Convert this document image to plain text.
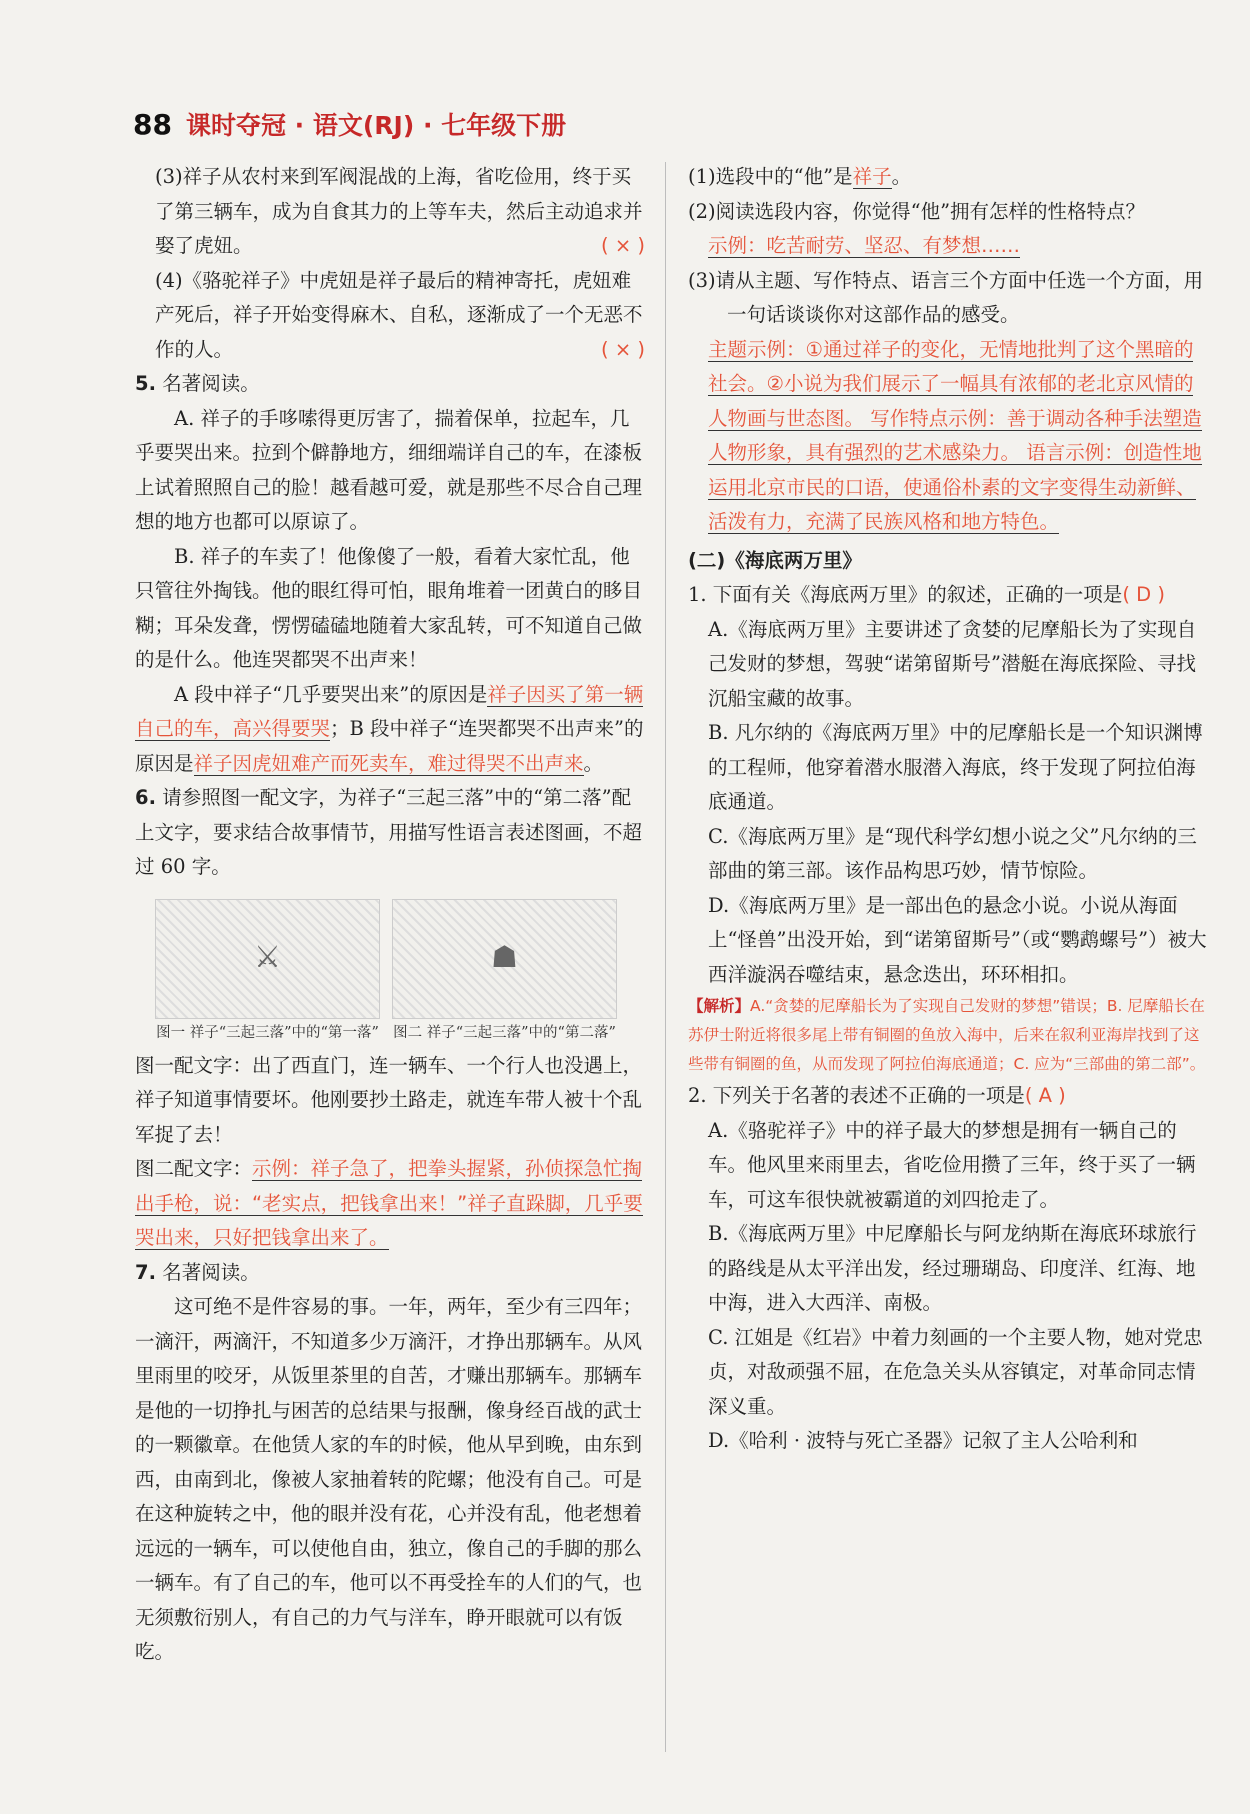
88 课时夺冠 · 语文(RJ) · 七年级下册

(3)祥子从农村来到军阀混战的上海，省吃俭用，终于买了第三辆车，成为自食其力的上等车夫，然后主动追求并娶了虎妞。	( × )

(4)《骆驼祥子》中虎妞是祥子最后的精神寄托，虎妞难产死后，祥子开始变得麻木、自私，逐渐成了一个无恶不作的人。	( × )

5. 名著阅读。

A. 祥子的手哆嗦得更厉害了，揣着保单，拉起车，几乎要哭出来。拉到个僻静地方，细细端详自己的车，在漆板上试着照照自己的脸！越看越可爱，就是那些不尽合自己理想的地方也都可以原谅了。

B. 祥子的车卖了！他像傻了一般，看着大家忙乱，他只管往外掏钱。他的眼红得可怕，眼角堆着一团黄白的眵目糊；耳朵发聋，愣愣磕磕地随着大家乱转，可不知道自己做的是什么。他连哭都哭不出声来！

A 段中祥子“几乎要哭出来”的原因是祥子因买了第一辆自己的车，高兴得要哭；B 段中祥子“连哭都哭不出声来”的原因是祥子因虎妞难产而死卖车，难过得哭不出声来。

6. 请参照图一配文字，为祥子“三起三落”中的“第二落”配上文字，要求结合故事情节，用描写性语言表述图画，不超过 60 字。

⚔
图一 祥子“三起三落”中的“第一落”
☗
图二 祥子“三起三落”中的“第二落”

图一配文字：出了西直门，连一辆车、一个行人也没遇上，祥子知道事情要坏。他刚要抄土路走，就连车带人被十个乱军捉了去！

图二配文字：示例：祥子急了，把拳头握紧，孙侦探急忙掏出手枪，说：“老实点，把钱拿出来！”祥子直跺脚，几乎要哭出来，只好把钱拿出来了。

7. 名著阅读。

这可绝不是件容易的事。一年，两年，至少有三四年；一滴汗，两滴汗，不知道多少万滴汗，才挣出那辆车。从风里雨里的咬牙，从饭里茶里的自苦，才赚出那辆车。那辆车是他的一切挣扎与困苦的总结果与报酬，像身经百战的武士的一颗徽章。在他赁人家的车的时候，他从早到晚，由东到西，由南到北，像被人家抽着转的陀螺；他没有自己。可是在这种旋转之中，他的眼并没有花，心并没有乱，他老想着远远的一辆车，可以使他自由，独立，像自己的手脚的那么一辆车。有了自己的车，他可以不再受拴车的人们的气，也无须敷衍别人，有自己的力气与洋车，睁开眼就可以有饭吃。

(1)选段中的“他”是祥子。

(2)阅读选段内容，你觉得“他”拥有怎样的性格特点？

示例：吃苦耐劳、坚忍、有梦想……

(3)请从主题、写作特点、语言三个方面中任选一个方面，用一句话谈谈你对这部作品的感受。

主题示例：①通过祥子的变化，无情地批判了这个黑暗的社会。②小说为我们展示了一幅具有浓郁的老北京风情的人物画与世态图。 写作特点示例：善于调动各种手法塑造人物形象，具有强烈的艺术感染力。 语言示例：创造性地运用北京市民的口语，使通俗朴素的文字变得生动新鲜、活泼有力，充满了民族风格和地方特色。

(二)《海底两万里》

1. 下面有关《海底两万里》的叙述，正确的一项是( D )

A.《海底两万里》主要讲述了贪婪的尼摩船长为了实现自己发财的梦想，驾驶“诺第留斯号”潜艇在海底探险、寻找沉船宝藏的故事。

B. 凡尔纳的《海底两万里》中的尼摩船长是一个知识渊博的工程师，他穿着潜水服潜入海底，终于发现了阿拉伯海底通道。

C.《海底两万里》是“现代科学幻想小说之父”凡尔纳的三部曲的第三部。该作品构思巧妙，情节惊险。

D.《海底两万里》是一部出色的悬念小说。小说从海面上“怪兽”出没开始，到“诺第留斯号”（或“鹦鹉螺号”）被大西洋漩涡吞噬结束，悬念迭出，环环相扣。

【解析】A.“贪婪的尼摩船长为了实现自己发财的梦想”错误；B. 尼摩船长在苏伊士附近将很多尾上带有铜圈的鱼放入海中，后来在叙利亚海岸找到了这些带有铜圈的鱼，从而发现了阿拉伯海底通道；C. 应为“三部曲的第二部”。

2. 下列关于名著的表述不正确的一项是( A )

A.《骆驼祥子》中的祥子最大的梦想是拥有一辆自己的车。他风里来雨里去，省吃俭用攒了三年，终于买了一辆车，可这车很快就被霸道的刘四抢走了。

B.《海底两万里》中尼摩船长与阿龙纳斯在海底环球旅行的路线是从太平洋出发，经过珊瑚岛、印度洋、红海、地中海，进入大西洋、南极。

C. 江姐是《红岩》中着力刻画的一个主要人物，她对党忠贞，对敌顽强不屈，在危急关头从容镇定，对革命同志情深义重。

D.《哈利 · 波特与死亡圣器》记叙了主人公哈利和
